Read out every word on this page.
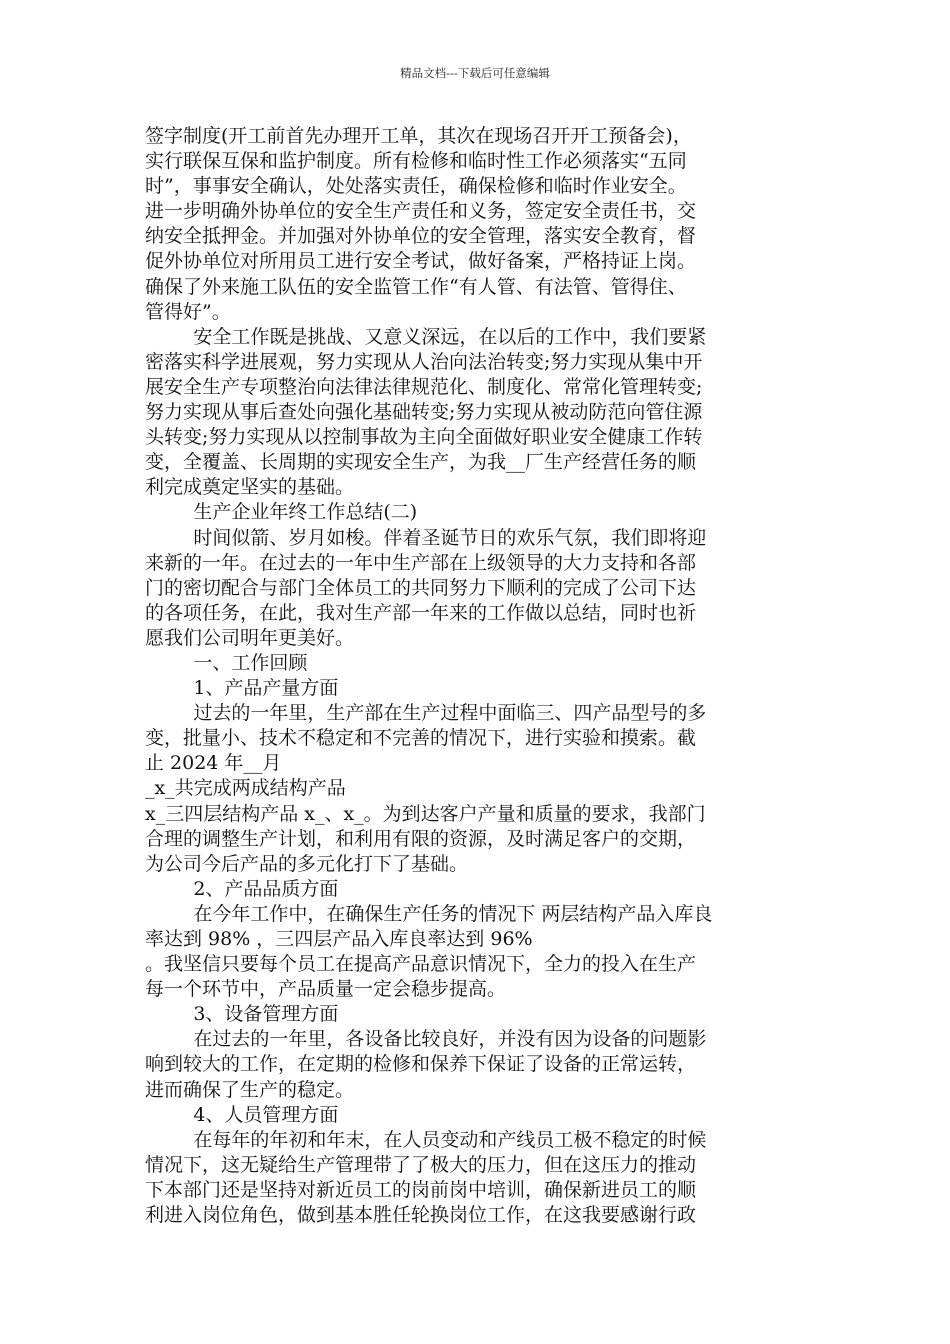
精品文档---下载后可任意编辑
签字制度(开工前首先办理开工单，其次在现场召开开工预备会)，
实行联保互保和监护制度。所有检修和临时性工作必须落实“五同
时”，事事安全确认，处处落实责任，确保检修和临时作业安全。
进一步明确外协单位的安全生产责任和义务，签定安全责任书，交
纳安全抵押金。并加强对外协单位的安全管理，落实安全教育，督
促外协单位对所用员工进行安全考试，做好备案，严格持证上岗。
确保了外来施工队伍的安全监管工作“有人管、有法管、管得住、
管得好”。
安全工作既是挑战、又意义深远，在以后的工作中，我们要紧
密落实科学进展观，努力实现从人治向法治转变;努力实现从集中开
展安全生产专项整治向法律法律规范化、制度化、常常化管理转变;
努力实现从事后查处向强化基础转变;努力实现从被动防范向管住源
头转变;努力实现从以控制事故为主向全面做好职业安全健康工作转
变，全覆盖、长周期的实现安全生产，为我__厂生产经营任务的顺
利完成奠定坚实的基础。
生产企业年终工作总结(二)
时间似箭、岁月如梭。伴着圣诞节日的欢乐气氛，我们即将迎
来新的一年。在过去的一年中生产部在上级领导的大力支持和各部
门的密切配合与部门全体员工的共同努力下顺利的完成了公司下达
的各项任务，在此，我对生产部一年来的工作做以总结，同时也祈
愿我们公司明年更美好。
一、工作回顾
1、产品产量方面
过去的一年里，生产部在生产过程中面临三、四产品型号的多
变，批量小、技术不稳定和不完善的情况下，进行实验和摸索。截
止 2024 年__月
_x_共完成两成结构产品
x_三四层结构产品 x_、x_。为到达客户产量和质量的要求，我部门
合理的调整生产计划，和利用有限的资源，及时满足客户的交期，
为公司今后产品的多元化打下了基础。
2、产品品质方面
在今年工作中，在确保生产任务的情况下 两层结构产品入库良
率达到 98% ，三四层产品入库良率达到 96%
。我坚信只要每个员工在提高产品意识情况下，全力的投入在生产
每一个环节中，产品质量一定会稳步提高。
3、设备管理方面
在过去的一年里，各设备比较良好，并没有因为设备的问题影
响到较大的工作，在定期的检修和保养下保证了设备的正常运转，
进而确保了生产的稳定。
4、人员管理方面
在每年的年初和年末，在人员变动和产线员工极不稳定的时候
情况下，这无疑给生产管理带了了极大的压力，但在这压力的推动
下本部门还是坚持对新近员工的岗前岗中培训，确保新进员工的顺
利进入岗位角色，做到基本胜任轮换岗位工作，在这我要感谢行政
